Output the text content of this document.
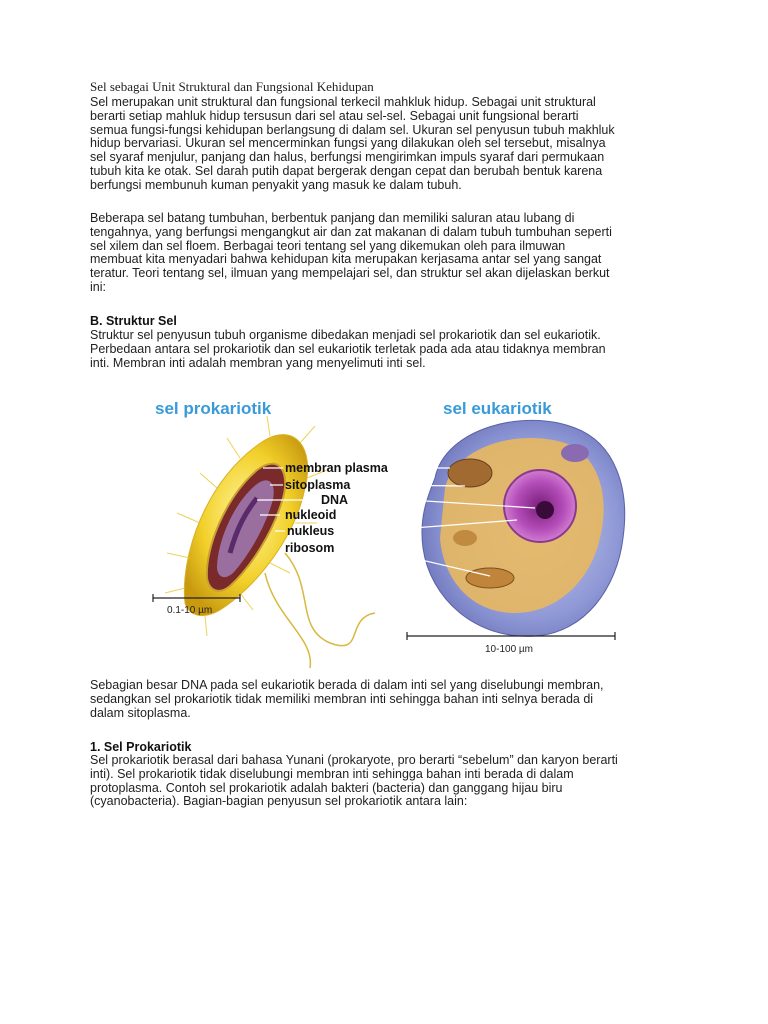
Sel sebagai Unit Struktural dan Fungsional Kehidupan
Sel merupakan unit struktural dan fungsional terkecil mahkluk hidup. Sebagai unit struktural
berarti setiap mahluk hidup tersusun dari sel atau sel-sel. Sebagai unit fungsional berarti
semua fungsi-fungsi kehidupan berlangsung di dalam sel. Ukuran sel penyusun tubuh makhluk
hidup bervariasi. Ukuran sel mencerminkan fungsi yang dilakukan oleh sel tersebut, misalnya
sel syaraf menjulur, panjang dan halus, berfungsi mengirimkan impuls syaraf dari permukaan
tubuh kita ke otak. Sel darah putih dapat bergerak dengan cepat dan berubah bentuk karena
berfungsi membunuh kuman penyakit yang masuk ke dalam tubuh.
Beberapa sel batang tumbuhan, berbentuk panjang dan memiliki saluran atau lubang di
tengahnya, yang berfungsi mengangkut air dan zat makanan di dalam tubuh tumbuhan seperti
sel xilem dan sel floem. Berbagai teori tentang sel yang dikemukan oleh para ilmuwan
membuat kita menyadari bahwa kehidupan kita merupakan kerjasama antar sel yang sangat
teratur. Teori tentang sel, ilmuan yang mempelajari sel, dan struktur sel akan dijelaskan berkut
ini:
B. Struktur Sel
Struktur sel penyusun tubuh organisme dibedakan menjadi sel prokariotik dan sel eukariotik.
Perbedaan antara sel prokariotik dan sel eukariotik terletak pada ada atau tidaknya membran
inti. Membran inti adalah membran yang menyelimuti inti sel.
sel prokariotik	sel eukariotik
membran plasma
sitoplasma
DNA
nukleoid
nukleus
ribosom
0.1-10 µm
10-100 µm
Sebagian besar DNA pada sel eukariotik berada di dalam inti sel yang diselubungi membran,
sedangkan sel prokariotik tidak memiliki membran inti sehingga bahan inti selnya berada di
dalam sitoplasma.
1. Sel Prokariotik
Sel prokariotik berasal dari bahasa Yunani (prokaryote, pro berarti “sebelum” dan karyon berarti
inti). Sel prokariotik tidak diselubungi membran inti sehingga bahan inti berada di dalam
protoplasma. Contoh sel prokariotik adalah bakteri (bacteria) dan ganggang hijau biru
(cyanobacteria). Bagian-bagian penyusun sel prokariotik antara lain:
